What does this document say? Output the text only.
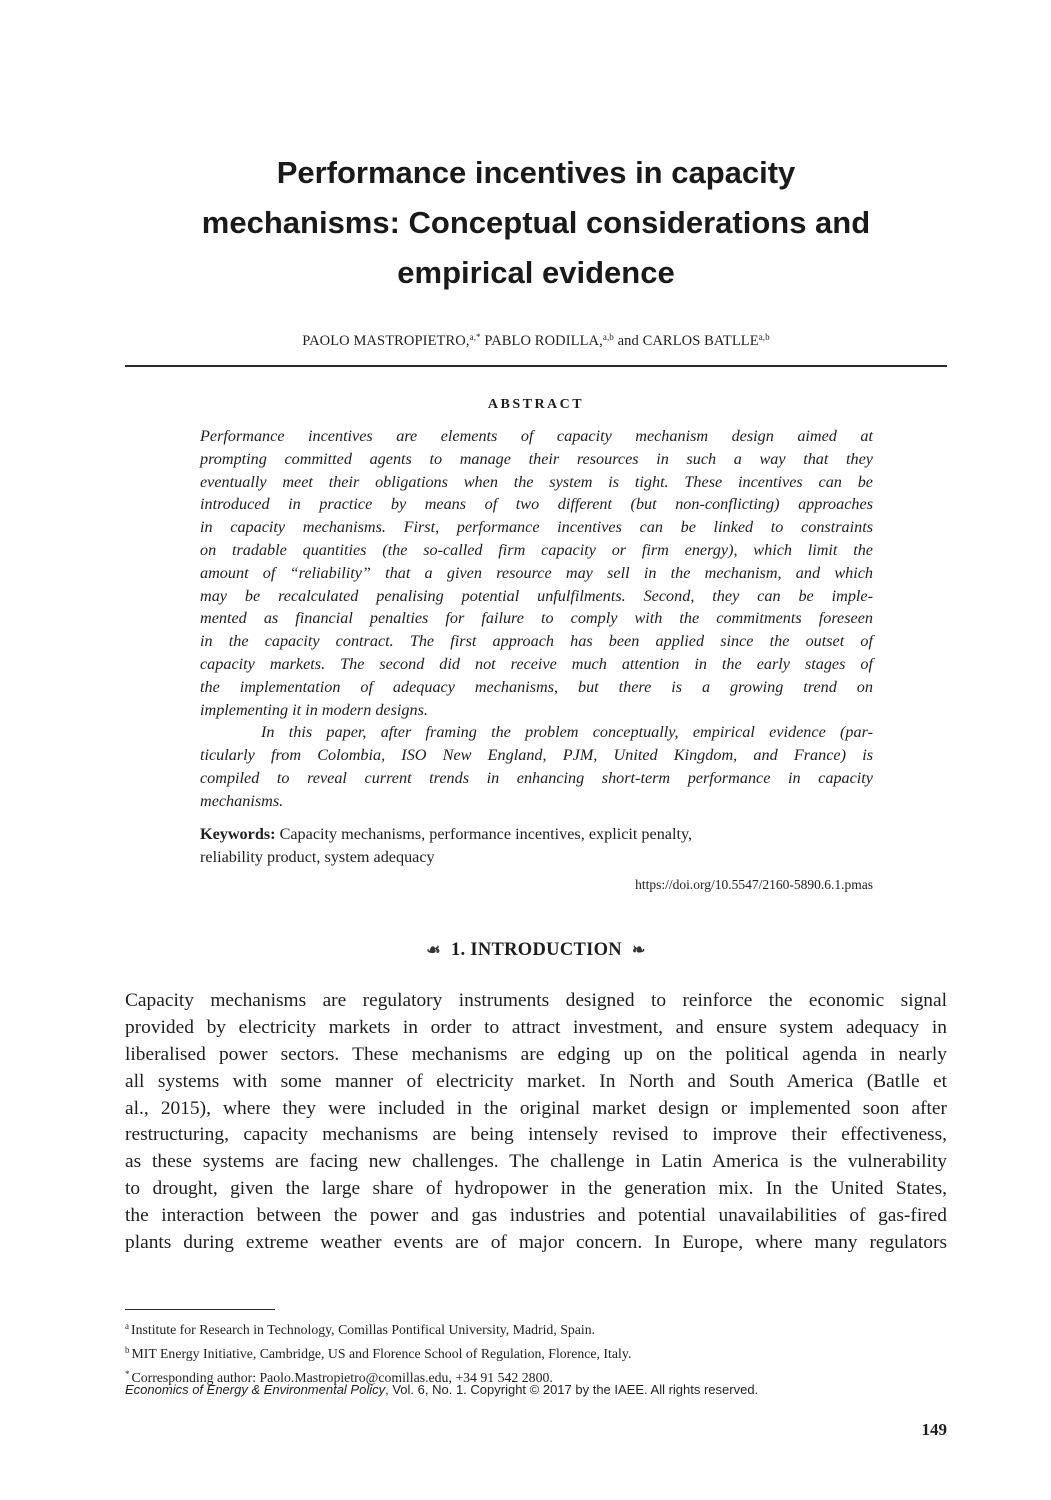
Performance incentives in capacity
mechanisms: Conceptual considerations and
empirical evidence
PAOLO MASTROPIETRO,$^{a,*}$ PABLO RODILLA,$^{a,b}$ and CARLOS BATLLE$^{a,b}$
ABSTRACT
Performance incentives are elements of capacity mechanism design aimed at
prompting committed agents to manage their resources in such a way that they
eventually meet their obligations when the system is tight. These incentives can be
introduced in practice by means of two different (but non-conflicting) approaches
in capacity mechanisms. First, performance incentives can be linked to constraints
on tradable quantities (the so-called firm capacity or firm energy), which limit the
amount of “reliability” that a given resource may sell in the mechanism, and which
may be recalculated penalising potential unfulfilments. Second, they can be imple-
mented as financial penalties for failure to comply with the commitments foreseen
in the capacity contract. The first approach has been applied since the outset of
capacity markets. The second did not receive much attention in the early stages of
the implementation of adequacy mechanisms, but there is a growing trend on
implementing it in modern designs.
In this paper, after framing the problem conceptually, empirical evidence (par-
ticularly from Colombia, ISO New England, PJM, United Kingdom, and France) is
compiled to reveal current trends in enhancing short-term performance in capacity
mechanisms.
Keywords: Capacity mechanisms, performance incentives, explicit penalty,
reliability product, system adequacy
https://doi.org/10.5547/2160-5890.6.1.pmas
☙ 1. INTRODUCTION ❧
Capacity mechanisms are regulatory instruments designed to reinforce the economic signal
provided by electricity markets in order to attract investment, and ensure system adequacy in
liberalised power sectors. These mechanisms are edging up on the political agenda in nearly
all systems with some manner of electricity market. In North and South America (Batlle et
al., 2015), where they were included in the original market design or implemented soon after
restructuring, capacity mechanisms are being intensely revised to improve their effectiveness,
as these systems are facing new challenges. The challenge in Latin America is the vulnerability
to drought, given the large share of hydropower in the generation mix. In the United States,
the interaction between the power and gas industries and potential unavailabilities of gas-fired
plants during extreme weather events are of major concern. In Europe, where many regulators
$^a$ Institute for Research in Technology, Comillas Pontifical University, Madrid, Spain.
$^b$ MIT Energy Initiative, Cambridge, US and Florence School of Regulation, Florence, Italy.
* Corresponding author: Paolo.Mastropietro@comillas.edu, +34 91 542 2800.
Economics of Energy & Environmental Policy, Vol. 6, No. 1. Copyright © 2017 by the IAEE. All rights reserved.
149
